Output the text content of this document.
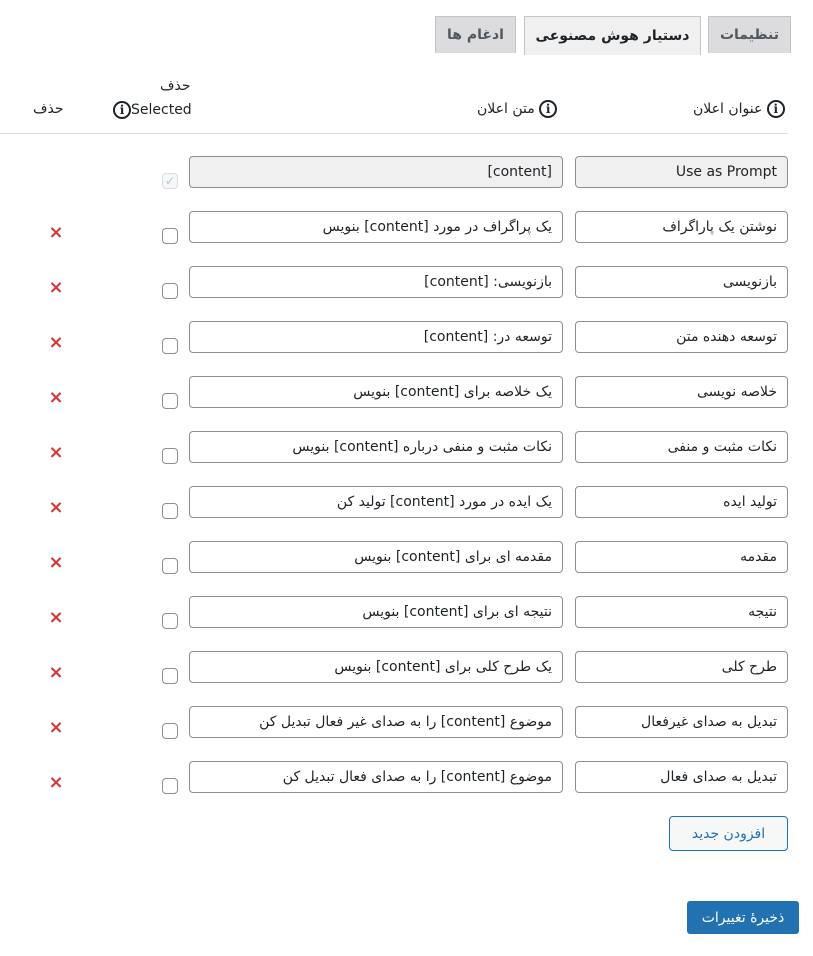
تنظیمات
دستیار هوش مصنوعی
ادغام ها
i عنوان اعلان
i متن اعلان
حذف
i Selected
حذف
Use as Prompt
[content]
✓
نوشتن یک پاراگراف
یک پراگراف در مورد [content] بنویس
×
بازنویسی
بازنویسی: [content]
×
توسعه دهنده متن
توسعه در: [content]
×
خلاصه نویسی
یک خلاصه برای [content] بنویس
×
نکات مثبت و منفی
نکات مثبت و منفی درباره [content] بنویس
×
تولید ایده
یک ایده در مورد [content] تولید کن
×
مقدمه
مقدمه ای برای [content] بنویس
×
نتیجه
نتیجه ای برای [content] بنویس
×
طرح کلی
یک طرح کلی برای [content] بنویس
×
تبدیل به صدای غیرفعال
موضوع [content] را به صدای غیر فعال تبدیل کن
×
تبدیل به صدای فعال
موضوع [content] را به صدای فعال تبدیل کن
×
افزودن جدید
ذخیرهٔ تغییرات
